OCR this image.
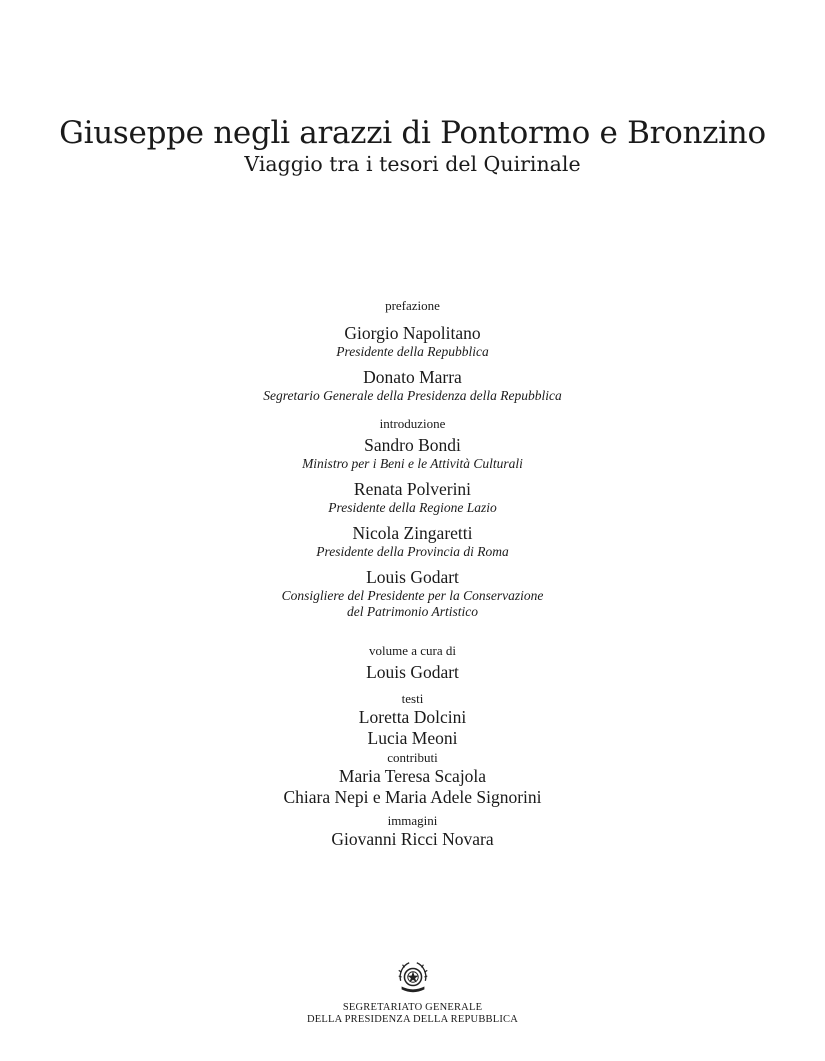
Giuseppe negli arazzi di Pontormo e Bronzino
Viaggio tra i tesori del Quirinale

prefazione

Giorgio Napolitano

Presidente della Repubblica

Donato Marra

Segretario Generale della Presidenza della Repubblica

introduzione

Sandro Bondi

Ministro per i Beni e le Attività Culturali

Renata Polverini

Presidente della Regione Lazio

Nicola Zingaretti

Presidente della Provincia di Roma

Louis Godart

Consigliere del Presidente per la Conservazione

del Patrimonio Artistico

volume a cura di

Louis Godart

testi

Loretta Dolcini

Lucia Meoni

contributi

Maria Teresa Scajola

Chiara Nepi e Maria Adele Signorini

immagini

Giovanni Ricci Novara

SEGRETARIATO GENERALE

DELLA PRESIDENZA DELLA REPUBBLICA
